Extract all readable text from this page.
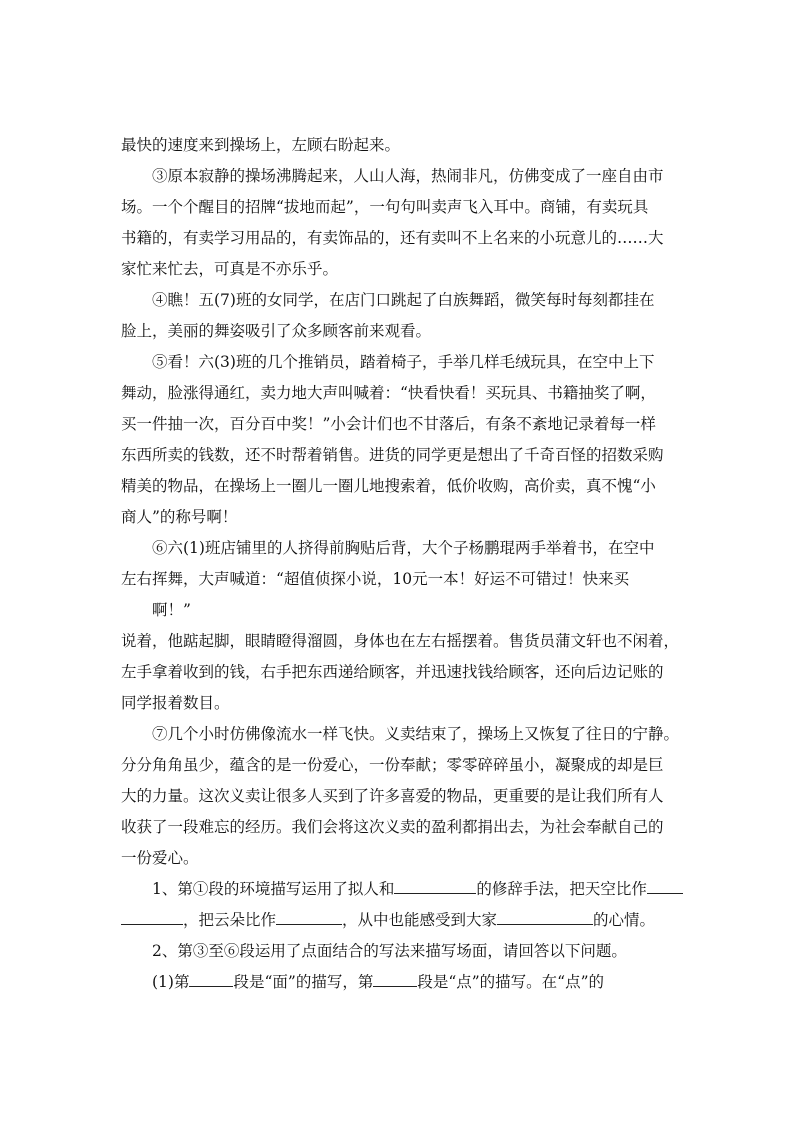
最快的速度来到操场上，左顾右盼起来。
③原本寂静的操场沸腾起来，人山人海，热闹非凡，仿佛变成了一座自由市
场。一个个醒目的招牌“拔地而起”，一句句叫卖声飞入耳中。商铺，有卖玩具
书籍的，有卖学习用品的，有卖饰品的，还有卖叫不上名来的小玩意儿的……大
家忙来忙去，可真是不亦乐乎。
④瞧！五(7)班的女同学，在店门口跳起了白族舞蹈，微笑每时每刻都挂在
脸上，美丽的舞姿吸引了众多顾客前来观看。
⑤看！六(3)班的几个推销员，踏着椅子，手举几样毛绒玩具，在空中上下
舞动，脸涨得通红，卖力地大声叫喊着：“快看快看！买玩具、书籍抽奖了啊，
买一件抽一次，百分百中奖！”小会计们也不甘落后，有条不紊地记录着每一样
东西所卖的钱数，还不时帮着销售。进货的同学更是想出了千奇百怪的招数采购
精美的物品，在操场上一圈儿一圈儿地搜索着，低价收购，高价卖，真不愧“小
商人”的称号啊！
⑥六(1)班店铺里的人挤得前胸贴后背，大个子杨鹏琨两手举着书，在空中
左右挥舞，大声喊道：“超值侦探小说，10元一本！好运不可错过！快来买
啊！”
说着，他踮起脚，眼睛瞪得溜圆，身体也在左右摇摆着。售货员蒲文轩也不闲着，
左手拿着收到的钱，右手把东西递给顾客，并迅速找钱给顾客，还向后边记账的
同学报着数目。
⑦几个小时仿佛像流水一样飞快。义卖结束了，操场上又恢复了往日的宁静。
分分角角虽少，蕴含的是一份爱心，一份奉献；零零碎碎虽小，凝聚成的却是巨
大的力量。这次义卖让很多人买到了许多喜爱的物品，更重要的是让我们所有人
收获了一段难忘的经历。我们会将这次义卖的盈利都捐出去，为社会奉献自己的
一份爱心。
1、第①段的环境描写运用了拟人和	的修辞手法，把天空比作
，把云朵比作	，从中也能感受到大家	的心情。
2、第③至⑥段运用了点面结合的写法来描写场面，请回答以下问题。
(1)第	段是“面”的描写，第	段是“点”的描写。在“点”的
